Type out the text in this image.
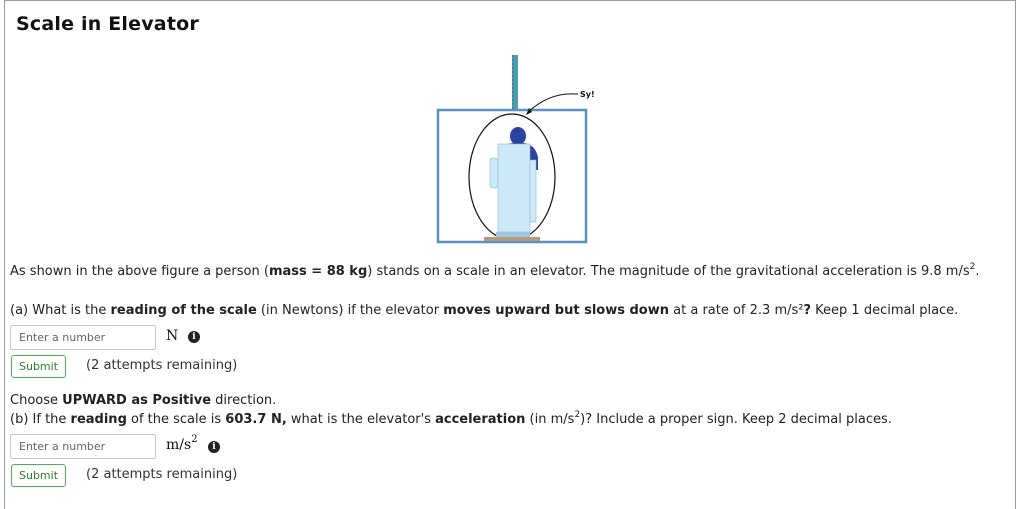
Scale in Elevator
Sy!
As shown in the above figure a person (mass = 88 kg) stands on a scale in an elevator. The magnitude of the gravitational acceleration is 9.8 $m/s^2$.
(a) What is the reading of the scale (in Newtons) if the elevator moves upward but slows down at a rate of 2.3 m/s²? Keep 1 decimal place.
Enter a number
N	i
Submit	(2 attempts remaining)
Choose UPWARD as Positive direction.
(b) If the reading of the scale is 603.7 N, what is the elevator's acceleration (in $m/s^2$)? Include a proper sign. Keep 2 decimal places.
Enter a number
$m/s^2$
i
Submit	(2 attempts remaining)
